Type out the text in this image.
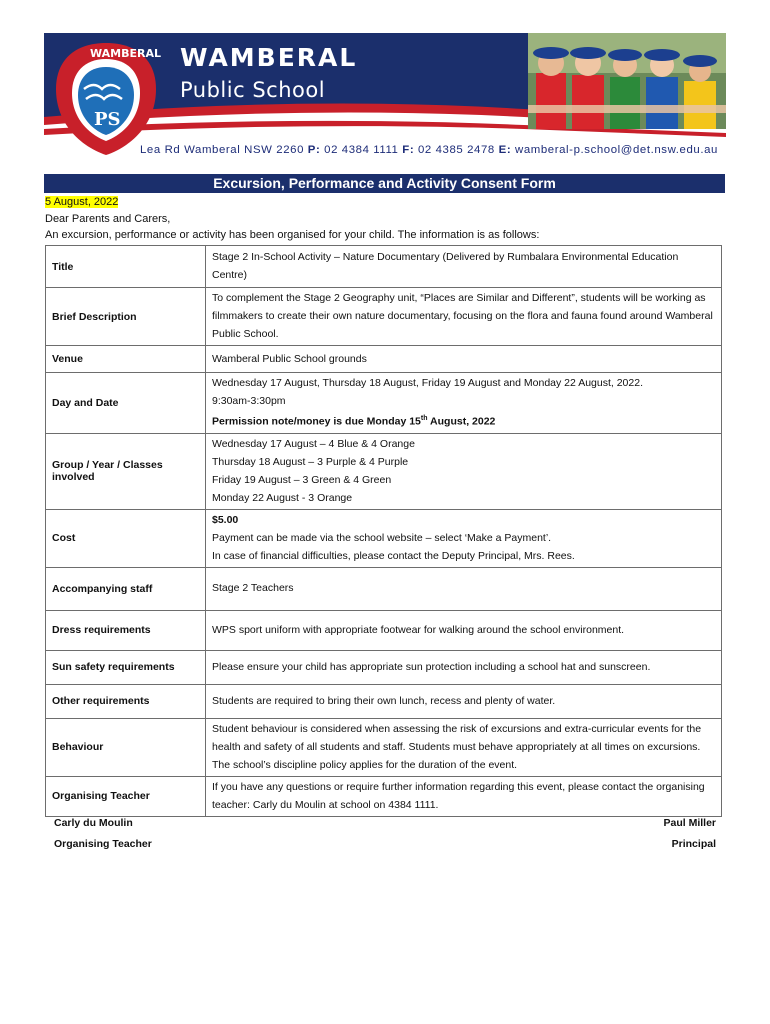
WAMBERAL
PS

WAMBERAL
Public School
Lea Rd Wamberal NSW 2260 P: 02 4384 1111 F: 02 4385 2478 E: wamberal-p.school@det.nsw.edu.au
Excursion, Performance and Activity Consent Form
5 August, 2022
Dear Parents and Carers,
An excursion, performance or activity has been organised for your child. The information is as follows:
Title	Stage 2 In-School Activity – Nature Documentary (Delivered by Rumbalara Environmental Education Centre)

Brief Description	To complement the Stage 2 Geography unit, “Places are Similar and Different”, students will be working as filmmakers to create their own nature documentary, focusing on the flora and fauna found around Wamberal Public School.

Venue	Wamberal Public School grounds

Day and Date	Wednesday 17 August, Thursday 18 August, Friday 19 August and Monday 22 August, 2022.
9:30am-3:30pm
Permission note/money is due Monday 15th August, 2022

Group / Year / Classes involved	Wednesday 17 August – 4 Blue & 4 Orange
Thursday 18 August – 3 Purple & 4 Purple
Friday 19 August – 3 Green & 4 Green
Monday 22 August - 3 Orange

Cost	$5.00
Payment can be made via the school website – select ‘Make a Payment’.
In case of financial difficulties, please contact the Deputy Principal, Mrs. Rees.

Accompanying staff	Stage 2 Teachers

Dress requirements	WPS sport uniform with appropriate footwear for walking around the school environment.

Sun safety requirements	Please ensure your child has appropriate sun protection including a school hat and sunscreen.

Other requirements	Students are required to bring their own lunch, recess and plenty of water.

Behaviour	Student behaviour is considered when assessing the risk of excursions and extra-curricular events for the health and safety of all students and staff. Students must behave appropriately at all times on excursions. The school’s discipline policy applies for the duration of the event.

Organising Teacher	If you have any questions or require further information regarding this event, please contact the organising teacher: Carly du Moulin at school on 4384 1111.
Carly du Moulin
Organising Teacher
Paul Miller
Principal
